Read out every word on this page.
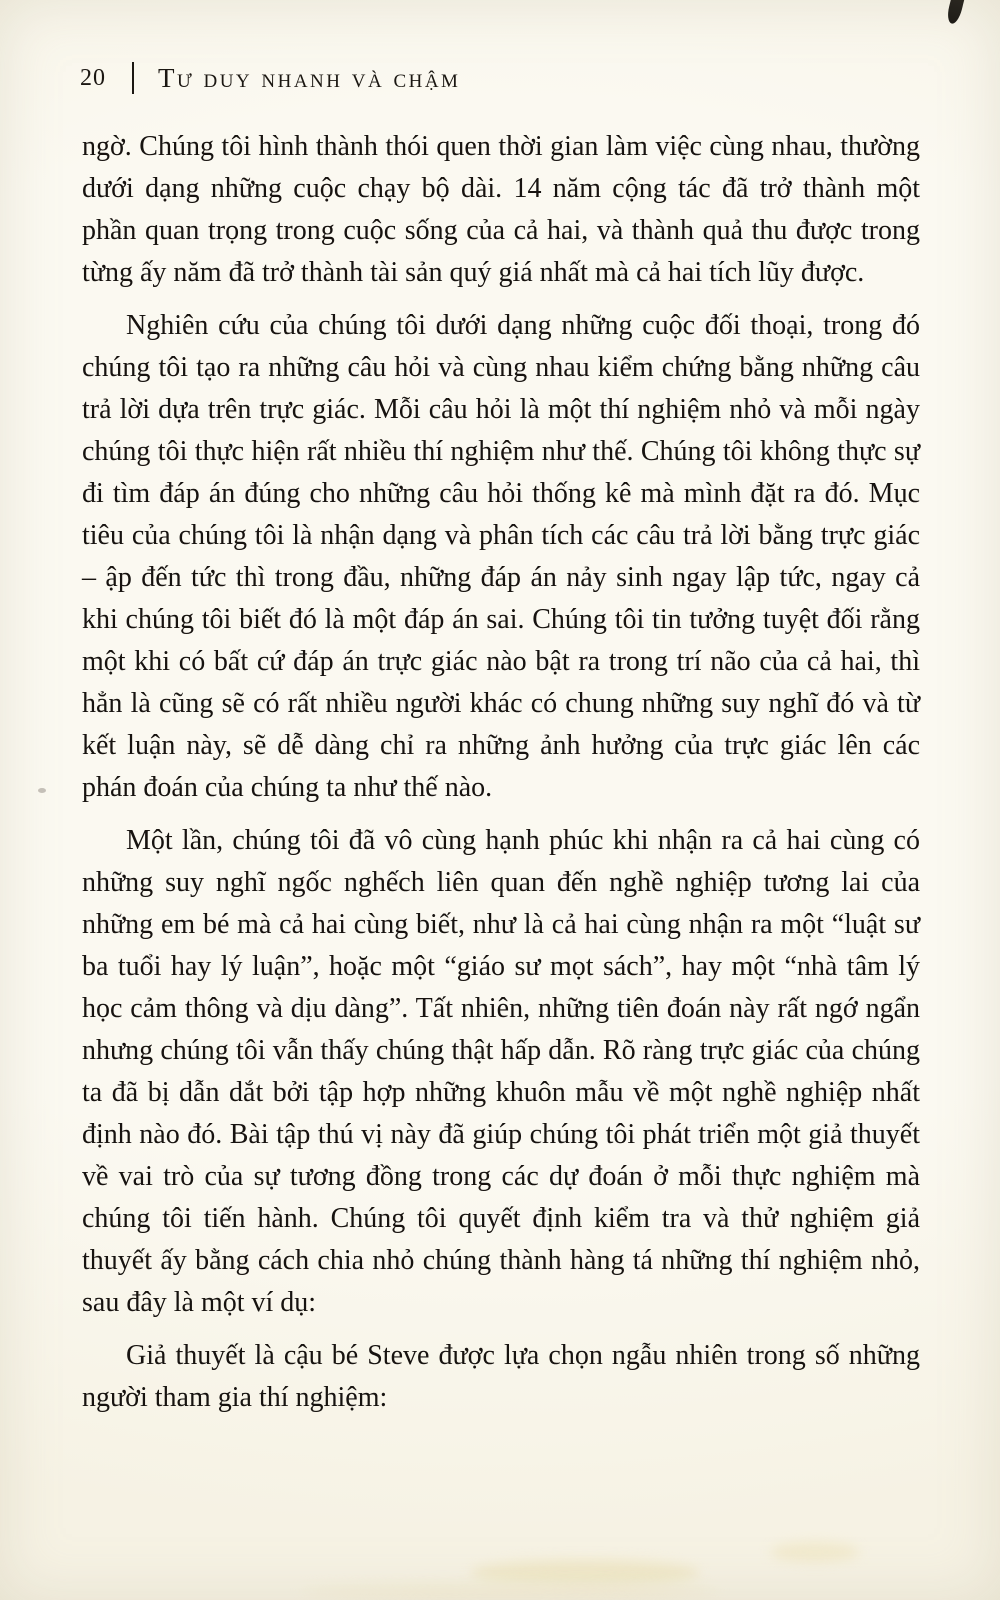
20 Tư duy nhanh và chậm

ngờ. Chúng tôi hình thành thói quen thời gian làm việc cùng nhau, thường dưới dạng những cuộc chạy bộ dài. 14 năm cộng tác đã trở thành một phần quan trọng trong cuộc sống của cả hai, và thành quả thu được trong từng ấy năm đã trở thành tài sản quý giá nhất mà cả hai tích lũy được.

Nghiên cứu của chúng tôi dưới dạng những cuộc đối thoại, trong đó chúng tôi tạo ra những câu hỏi và cùng nhau kiểm chứng bằng những câu trả lời dựa trên trực giác. Mỗi câu hỏi là một thí nghiệm nhỏ và mỗi ngày chúng tôi thực hiện rất nhiều thí nghiệm như thế. Chúng tôi không thực sự đi tìm đáp án đúng cho những câu hỏi thống kê mà mình đặt ra đó. Mục tiêu của chúng tôi là nhận dạng và phân tích các câu trả lời bằng trực giác – ập đến tức thì trong đầu, những đáp án nảy sinh ngay lập tức, ngay cả khi chúng tôi biết đó là một đáp án sai. Chúng tôi tin tưởng tuyệt đối rằng một khi có bất cứ đáp án trực giác nào bật ra trong trí não của cả hai, thì hẳn là cũng sẽ có rất nhiều người khác có chung những suy nghĩ đó và từ kết luận này, sẽ dễ dàng chỉ ra những ảnh hưởng của trực giác lên các phán đoán của chúng ta như thế nào.

Một lần, chúng tôi đã vô cùng hạnh phúc khi nhận ra cả hai cùng có những suy nghĩ ngốc nghếch liên quan đến nghề nghiệp tương lai của những em bé mà cả hai cùng biết, như là cả hai cùng nhận ra một “luật sư ba tuổi hay lý luận”, hoặc một “giáo sư mọt sách”, hay một “nhà tâm lý học cảm thông và dịu dàng”. Tất nhiên, những tiên đoán này rất ngớ ngẩn nhưng chúng tôi vẫn thấy chúng thật hấp dẫn. Rõ ràng trực giác của chúng ta đã bị dẫn dắt bởi tập hợp những khuôn mẫu về một nghề nghiệp nhất định nào đó. Bài tập thú vị này đã giúp chúng tôi phát triển một giả thuyết về vai trò của sự tương đồng trong các dự đoán ở mỗi thực nghiệm mà chúng tôi tiến hành. Chúng tôi quyết định kiểm tra và thử nghiệm giả thuyết ấy bằng cách chia nhỏ chúng thành hàng tá những thí nghiệm nhỏ, sau đây là một ví dụ:

Giả thuyết là cậu bé Steve được lựa chọn ngẫu nhiên trong số những người tham gia thí nghiệm:
